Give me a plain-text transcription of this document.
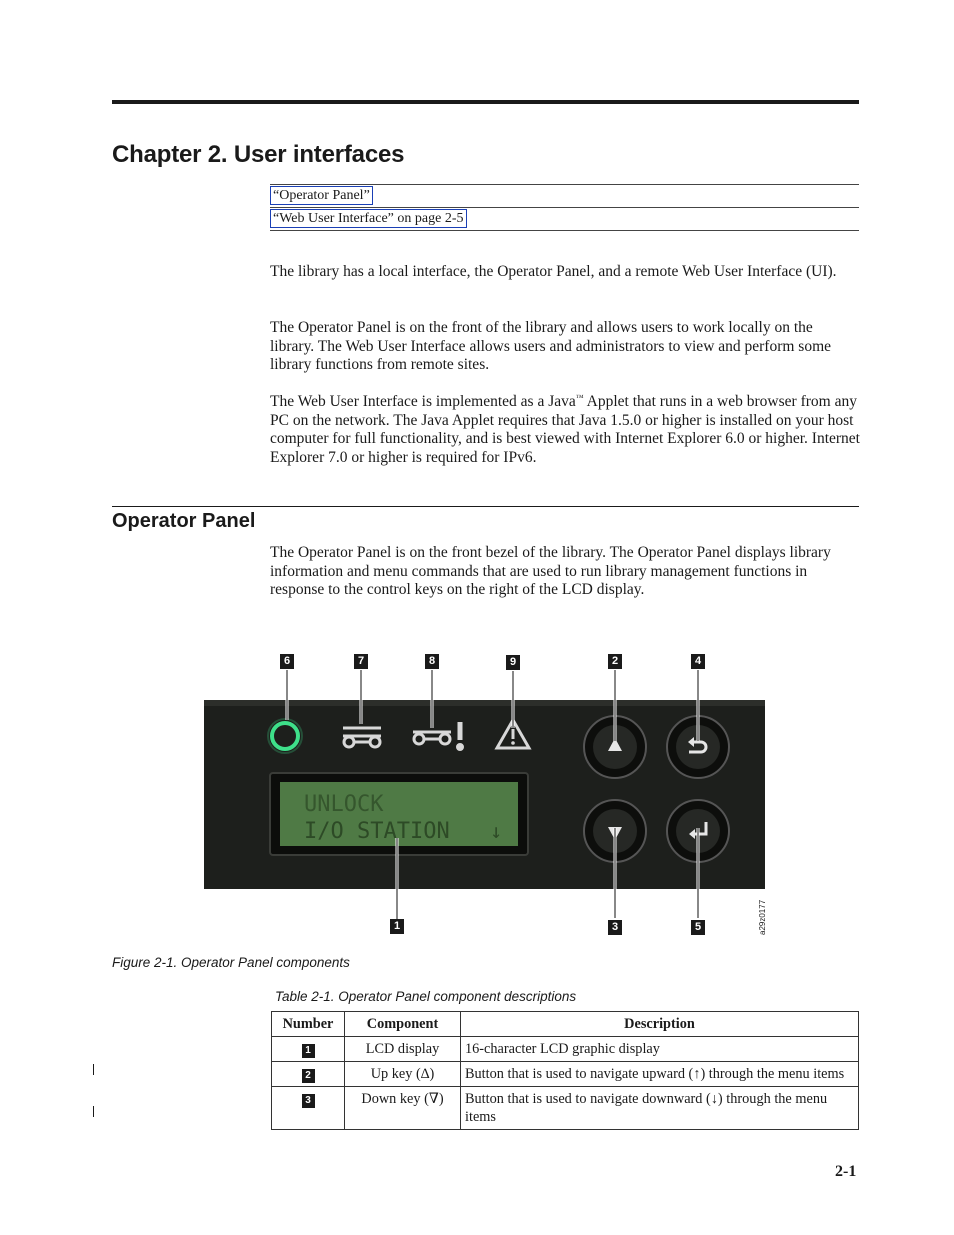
Chapter 2. User interfaces
“Operator Panel”
“Web User Interface” on page 2-5

The library has a local interface, the Operator Panel, and a remote Web User Interface (UI).

The Operator Panel is on the front of the library and allows users to work locally on the library. The Web User Interface allows users and administrators to view and perform some library functions from remote sites.

The Web User Interface is implemented as a Java™ Applet that runs in a web browser from any PC on the network. The Java Applet requires that Java 1.5.0 or higher is installed on your host computer for full functionality, and is best viewed with Internet Explorer 6.0 or higher. Internet Explorer 7.0 or higher is required for IPv6.

Operator Panel

The Operator Panel is on the front bezel of the library. The Operator Panel displays library information and menu commands that are used to run library management functions in response to the control keys on the right of the LCD display.

UNLOCK
I/O STATION ↓
6	7	8	9	2	4
1	3	5	a29z0177

Figure 2-1. Operator Panel components

Table 2-1. Operator Panel component descriptions

Number	Component	Description
1	LCD display	16-character LCD graphic display
2	Up key (∆)	Button that is used to navigate upward (↑) through the menu items
3	Down key (∇)	Button that is used to navigate downward (↓) through the menu items

2-1
